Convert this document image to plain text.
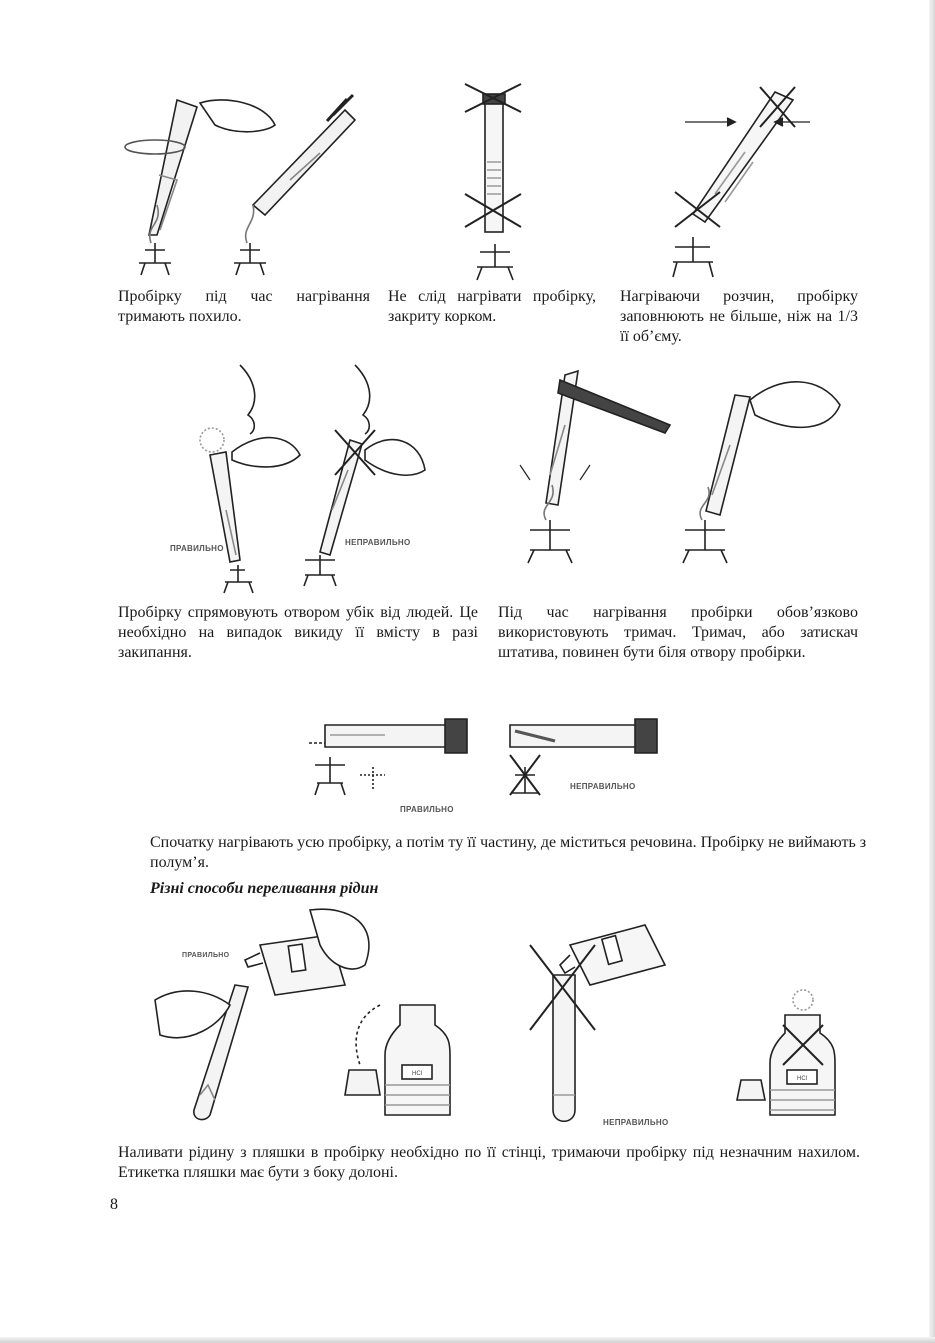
Пробірку під час нагрівання тримають похило.

Не слід нагрівати пробірку, закриту корком.

Нагріваючи розчин, пробірку заповнюють не більше, ніж на 1/3 її об’єму.

ПРАВИЛЬНО
НЕПРАВИЛЬНО

Пробірку спрямовують отвором убік від людей. Це необхідно на випадок викиду її вмісту в разі закипання.

Під час нагрівання пробірки обов’язково використовують тримач. Тримач, або затискач штатива, повинен бути біля отвору пробірки.

ПРАВИЛЬНО
НЕПРАВИЛЬНО

Спочатку нагрівають усю пробірку, а потім ту її частину, де міститься речовина. Пробірку не виймають з полум’я.

Різні способи переливання рідин

ПРАВИЛЬНО
HCl
HCl
НЕПРАВИЛЬНО

Наливати рідину з пляшки в пробірку необхідно по її стінці, тримаючи пробірку під незначним нахилом. Етикетка пляшки має бути з боку долоні.

8
